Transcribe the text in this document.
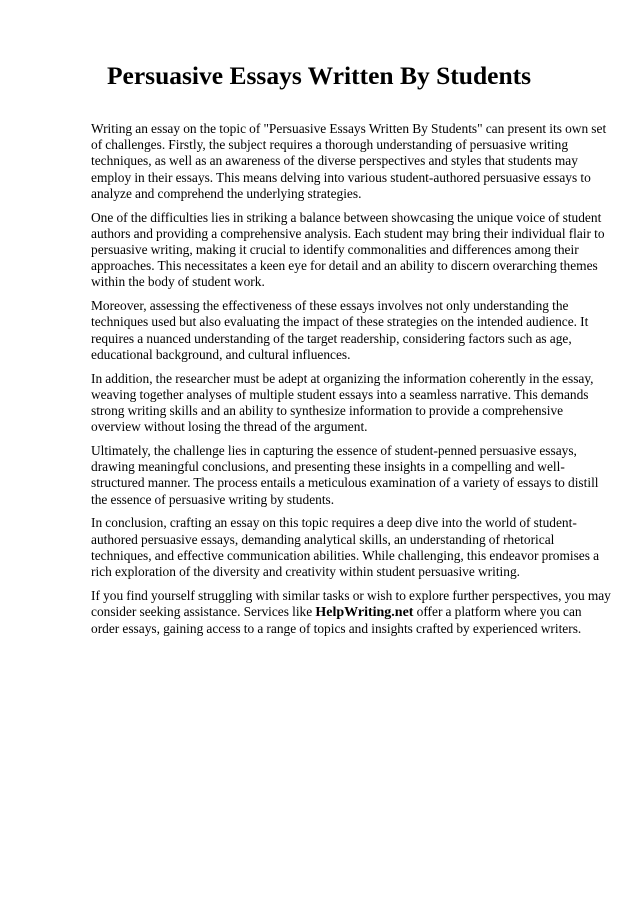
Persuasive Essays Written By Students

Writing an essay on the topic of "Persuasive Essays Written By Students" can present its own set of challenges. Firstly, the subject requires a thorough understanding of persuasive writing techniques, as well as an awareness of the diverse perspectives and styles that students may employ in their essays. This means delving into various student-authored persuasive essays to analyze and comprehend the underlying strategies.

One of the difficulties lies in striking a balance between showcasing the unique voice of student authors and providing a comprehensive analysis. Each student may bring their individual flair to persuasive writing, making it crucial to identify commonalities and differences among their approaches. This necessitates a keen eye for detail and an ability to discern overarching themes within the body of student work.

Moreover, assessing the effectiveness of these essays involves not only understanding the techniques used but also evaluating the impact of these strategies on the intended audience. It requires a nuanced understanding of the target readership, considering factors such as age, educational background, and cultural influences.

In addition, the researcher must be adept at organizing the information coherently in the essay, weaving together analyses of multiple student essays into a seamless narrative. This demands strong writing skills and an ability to synthesize information to provide a comprehensive overview without losing the thread of the argument.

Ultimately, the challenge lies in capturing the essence of student-penned persuasive essays, drawing meaningful conclusions, and presenting these insights in a compelling and well-structured manner. The process entails a meticulous examination of a variety of essays to distill the essence of persuasive writing by students.

In conclusion, crafting an essay on this topic requires a deep dive into the world of student-authored persuasive essays, demanding analytical skills, an understanding of rhetorical techniques, and effective communication abilities. While challenging, this endeavor promises a rich exploration of the diversity and creativity within student persuasive writing.

If you find yourself struggling with similar tasks or wish to explore further perspectives, you may consider seeking assistance. Services like HelpWriting.net offer a platform where you can order essays, gaining access to a range of topics and insights crafted by experienced writers.
